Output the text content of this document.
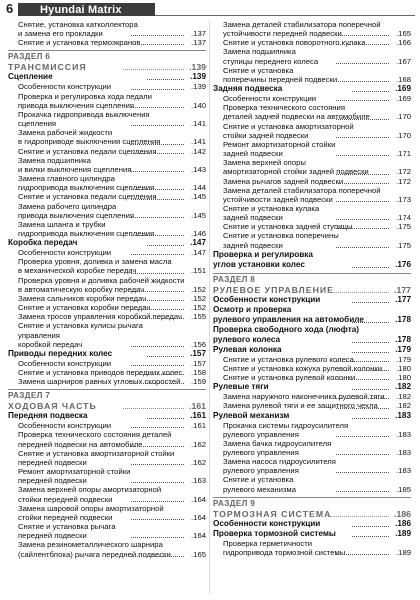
6 Hyundai Matrix
Снятие, установка катколлектора
и замена его прокладки	.137
Снятие и установка термоэкранов	.137
РАЗДЕЛ 6
ТРАНСМИССИЯ	.139
Сцепление	.139
Особенности конструкции	.139
Проверка и регулировка хода педали
привода выключения сцепления	.140
Прокачка гидропривода выключения сцепления	.141
Замена рабочей жидкости
в гидроприводе выключения сцепления	.141
Снятие и установка педали сцепления	.142
Замена подшипника
и вилки выключения сцепления	.143
Замена главного цилиндра
гидропривода выключения сцепления	.144
Снятие и установка педали сцепления	.145
Замена рабочего цилиндра
привода выключения сцепления	.145
Замена шланга и трубки
гидропривода выключения сцепления	.146
Коробка передач	.147
Особенности конструкции	.147
Проверка уровня, доливка и замена масла
в механической коробке передач	.151
Проверка уровня и доливка рабочей жидкости
в автоматическую коробку передач	.152
Замена сальников коробки передач	.152
Снятие и установка коробки передач	.152
Замена тросов управления коробкой передач .155
Снятие и установка кулисы рычага управления
коробкой передач	.156
Приводы передних колес	.157
Особенности конструкции	.157
Снятие и установка приводов передних колес .158
Замена шарниров равных угловых скоростей .159
РАЗДЕЛ 7
ХОДОВАЯ ЧАСТЬ	.161
Передняя подвеска	.161
Особенности конструкции	.161
Проверка технического состояния деталей
передней подвески на автомобиле	.162
Снятие и установка амортизаторной стойки
передней подвески	.162
Ремонт амортизаторной стойки
передней подвески	.163
Замена верхней опоры амортизаторной
стойки передней подвески	.164
Замена шаровой опоры амортизаторной
стойки передней подвески	.164
Снятие и установка рычага
передней подвески	.164
Замена резинометаллического шарнира
(сайлентблока) рычага передней подвески	.165
Замена деталей стабилизатора поперечной
устойчивости передней подвески	.165
Снятие и установка поворотного кулака	.166
Замена подшипника
ступицы переднего колеса	.167
Снятие и установка
поперечины передней подвески	.168
Задняя подвеска	.169
Особенности конструкции	.169
Проверка технического состояния
деталей задней подвески на автомобиле	.170
Снятие и установка амортизаторной
стойки задней подвески	.170
Ремонт амортизаторной стойки
задней подвески	.171
Замена верхней опоры
амортизаторной стойки задней подвески	.172
Замена рычагов задней подвески	.172
Замена деталей стабилизатора поперечной
устойчивости задней подвески	.173
Снятие и установка кулака
задней подвески	.174
Снятие и установка задней ступицы	.175
Снятие и установка поперечины
задней подвески	.175
Проверка и регулировка
углов установки колес	.176
РАЗДЕЛ 8
РУЛЕВОЕ УПРАВЛЕНИЕ	.177
Особенности конструкции	.177
Осмотр и проверка
рулевого управления на автомобиле	.178
Проверка свободного хода (люфта)
рулевого колеса	.178
Рулевая колонка	.179
Снятие и установка рулевого колеса	.179
Снятие и установка кожуха рулевой колонки .180
Снятие и установка рулевой колонки	.180
Рулевые тяги	.182
Замена наружного наконечника рулевой тяги .182
Замена рулевой тяги и ее защитного чехла .182
Рулевой механизм	.183
Прокачка системы гидроусилителя
рулевого управления	.183
Замена бачка гидроусилителя
рулевого управления	.183
Замена насоса гидроусилителя
рулевого управления	.183
Снятие и установка
рулевого механизма	.185
РАЗДЕЛ 9
ТОРМОЗНАЯ СИСТЕМА	.186
Особенности конструкции	.186
Проверка тормозной системы	.189
Проверка герметичности
гидропривода тормозной системы	.189
